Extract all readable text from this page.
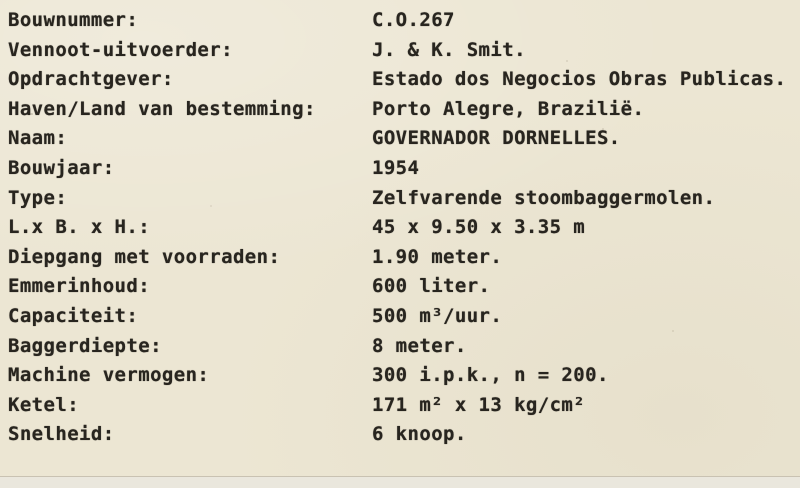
Bouwnummer:	C.O.267
Vennoot-uitvoerder:	J. & K. Smit.
Opdrachtgever:	Estado dos Negocios Obras Publicas.
Haven/Land van bestemming:	Porto Alegre, Brazilië.
Naam:	GOVERNADOR DORNELLES.
Bouwjaar:	1954
Type:	Zelfvarende stoombaggermolen.
L.x B. x H.:	45 x 9.50 x 3.35 m
Diepgang met voorraden:	1.90 meter.
Emmerinhoud:	600 liter.
Capaciteit:	500 m³/uur.
Baggerdiepte:	8 meter.
Machine vermogen:	300 i.p.k., n = 200.
Ketel:	171 m² x 13 kg/cm²
Snelheid:	6 knoop.
